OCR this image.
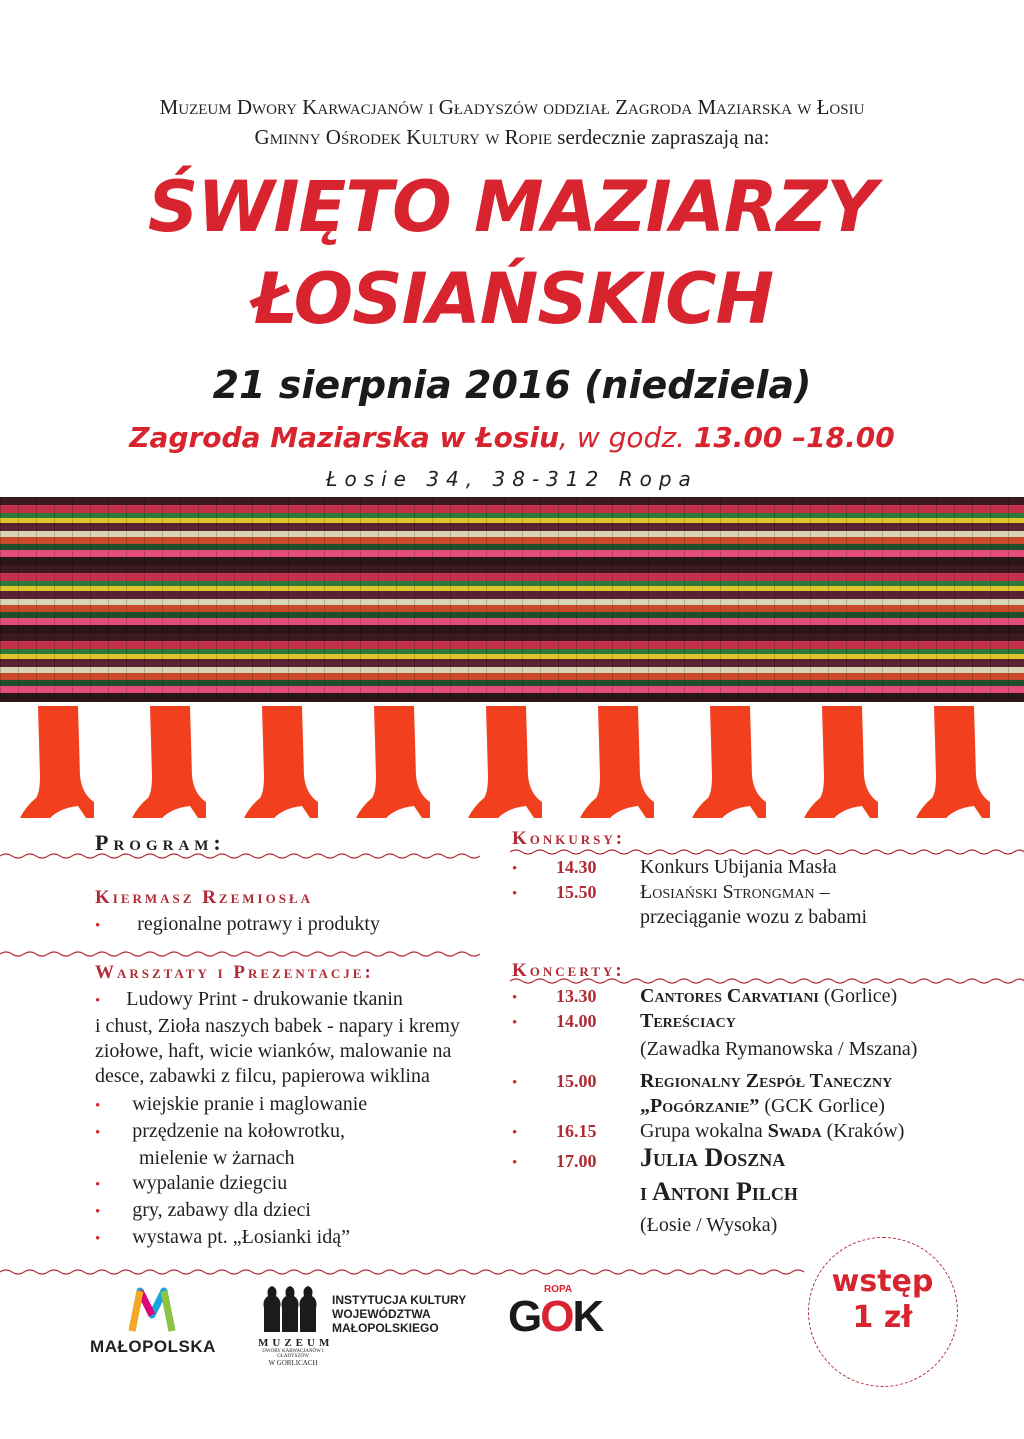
Muzeum Dwory Karwacjanów i Gładyszów oddział Zagroda Maziarska w Łosiu
Gminny Ośrodek Kultury w Ropie serdecznie zapraszają na:
ŚWIĘTO MAZIARZY
ŁOSIAŃSKICH
21 sierpnia 2016 (niedziela)
Zagroda Maziarska w Łosiu, w godz. 13.00 –18.00
Łosie 34, 38-312 Ropa
Program:
Kiermasz Rzemiosła
• regionalne potrawy i produkty
Warsztaty i Prezentacje:
• Ludowy Print - drukowanie tkanin
i chust, Zioła naszych babek - napary i kremy
ziołowe, haft, wicie wianków, malowanie na
desce, zabawki z filcu, papierowa wiklina
• wiejskie pranie i maglowanie
• przędzenie na kołowrotku,
mielenie w żarnach
• wypalanie dziegciu
• gry, zabawy dla dzieci
• wystawa pt. „Łosianki idą”
Konkursy:
• 14.30 Konkurs Ubijania Masła
• 15.50 Łosiański Strongman –
przeciąganie wozu z babami
Koncerty:
• 13.30 Cantores Carvatiani (Gorlice)
• 14.00 Tereściacy
(Zawadka Rymanowska / Mszana)
• 15.00 Regionalny Zespół Taneczny
„Pogórzanie” (GCK Gorlice)
• 16.15 Grupa wokalna Swada (Kraków)
• 17.00 Julia Doszna
i Antoni Pilch
(Łosie / Wysoka)
wstęp
1 zł
MAŁOPOLSKA	MUZEUM
DWORY KARWACJANÓW I GŁADYSZÓW
W GORLICACH
INSTYTUCJA KULTURY
WOJEWÓDZTWA
MAŁOPOLSKIEGO	GOK
ROPA
